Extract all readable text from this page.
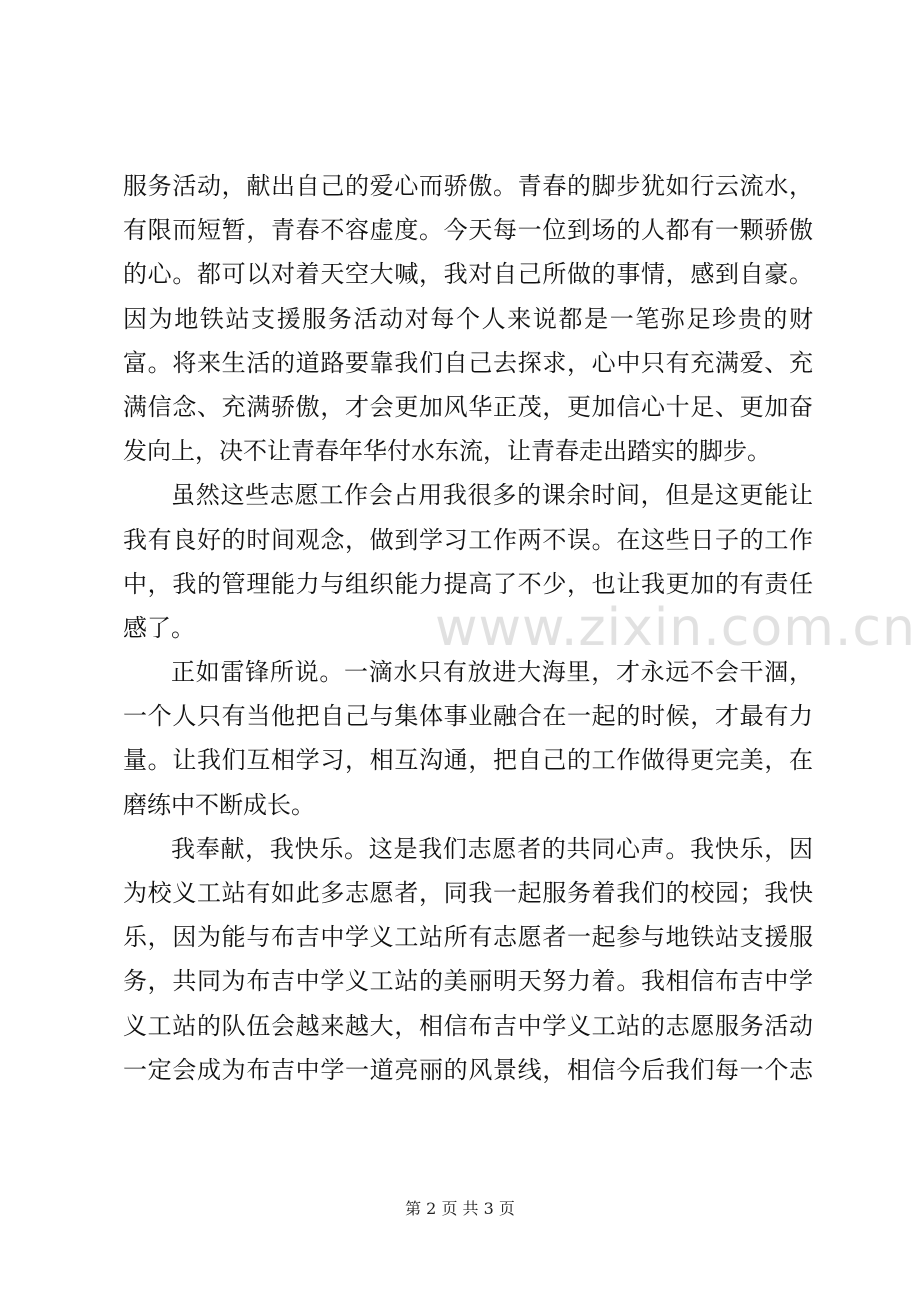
服务活动，献出自己的爱心而骄傲。青春的脚步犹如行云流水，
有限而短暂，青春不容虚度。今天每一位到场的人都有一颗骄傲
的心。都可以对着天空大喊，我对自己所做的事情，感到自豪。
因为地铁站支援服务活动对每个人来说都是一笔弥足珍贵的财
富。将来生活的道路要靠我们自己去探求，心中只有充满爱、充
满信念、充满骄傲，才会更加风华正茂，更加信心十足、更加奋
发向上，决不让青春年华付水东流，让青春走出踏实的脚步。
虽然这些志愿工作会占用我很多的课余时间，但是这更能让
我有良好的时间观念，做到学习工作两不误。在这些日子的工作
中，我的管理能力与组织能力提高了不少，也让我更加的有责任
感了。
正如雷锋所说。一滴水只有放进大海里，才永远不会干涸，
一个人只有当他把自己与集体事业融合在一起的时候，才最有力
量。让我们互相学习，相互沟通，把自己的工作做得更完美，在
磨练中不断成长。
我奉献，我快乐。这是我们志愿者的共同心声。我快乐，因
为校义工站有如此多志愿者，同我一起服务着我们的校园；我快
乐，因为能与布吉中学义工站所有志愿者一起参与地铁站支援服
务，共同为布吉中学义工站的美丽明天努力着。我相信布吉中学
义工站的队伍会越来越大，相信布吉中学义工站的志愿服务活动
一定会成为布吉中学一道亮丽的风景线，相信今后我们每一个志
www.zixin.com.cn
第 2 页 共 3 页
